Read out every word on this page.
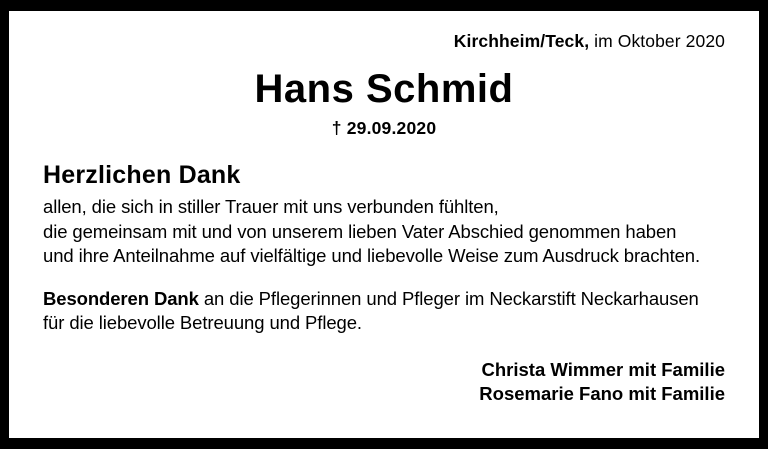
Kirchheim/Teck, im Oktober 2020
Hans Schmid
† 29.09.2020
Herzlichen Dank
allen, die sich in stiller Trauer mit uns verbunden fühlten,
die gemeinsam mit und von unserem lieben Vater Abschied genommen haben
und ihre Anteilnahme auf vielfältige und liebevolle Weise zum Ausdruck brachten.
Besonderen Dank an die Pflegerinnen und Pfleger im Neckarstift Neckarhausen
für die liebevolle Betreuung und Pflege.
Christa Wimmer mit Familie
Rosemarie Fano mit Familie
